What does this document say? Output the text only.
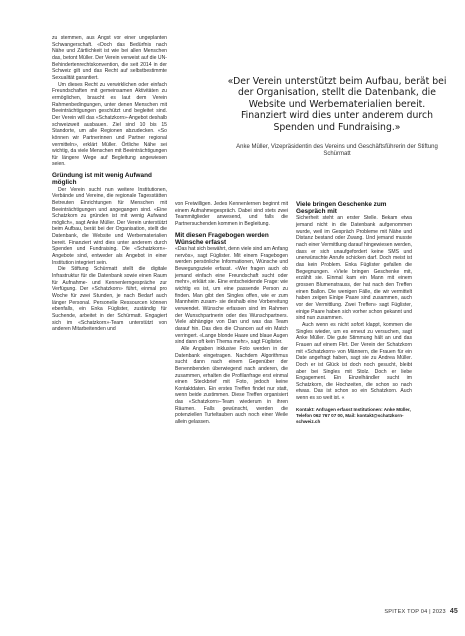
«Der Verein unterstützt beim Aufbau, berät bei der Organisation, stellt die Datenbank, die Website und Werbematerialien bereit. Finanziert wird dies unter anderem durch Spenden und Fundraising.»
Anke Müller, Vizepräsidentin des Vereins und Geschäftsführerin der Stiftung Schürmatt

zu stemmen, aus Angst vor einer ungeplanten Schwangerschaft. «Doch das Bedürfnis nach Nähe und Zärtlichkeit ist wie bei allen Menschen das, betont Müller. Der Verein verweist auf die UN-Behindertenrechtskonvention, die seit 2014 in der Schweiz gilt und das Recht auf selbstbestimmte Sexualität garantiert.

Um dieses Recht zu verwirklichen oder einfach Freundschaften mit gemeinsamen Aktivitäten zu ermöglichen, braucht es laut dem Verein Rahmenbedingungen, unter denen Menschen mit Beeinträchtigungen geschützt und begleitet sind. Der Verein will das «Schatzkorn»-Angebot deshalb schweizweit ausbauen. Ziel sind 10 bis 15 Standorte, um alle Regionen abzudecken. «So können wir Partnerinnen und Partner regional vermitteln», erklärt Müller. Örtliche Nähe sei wichtig, da viele Menschen mit Beeinträchtigungen für längere Wege auf Begleitung angewiesen seien.

Gründung ist mit wenig Aufwand möglich

Der Verein sucht nun weitere Institutionen, Verbände und Vereine, die regionale Tagesstätten Betreuten Einrichtungen für Menschen mit Beeinträchtigungen und angegangen sind. «Eine Schatzkorn zu gründen ist mit wenig Aufwand möglich», sagt Anke Müller. Der Verein unterstützt beim Aufbau, berät bei der Organisation, stellt die Datenbank, die Website und Werbematerialien bereit. Finanziert wird dies unter anderem durch Spenden und Fundraising. Die «Schatzkorn»-Angebote sind, entweder als Angebot in einer Institution integriert sein.

Die Stiftung Schürmatt stellt die digitale Infrastruktur für die Datenbank sowie einen Raum für Aufnahme- und Kennenlerngespräche zur Verfügung. Der «Schatzkorn» führt, einmal pro Woche für zwei Stunden, je nach Bedarf auch länger Personal. Personelle Ressourcen können ebenfalls, ein Enka Füglister, zuständig für Suchende, arbeitet in der Schürmatt. Engagiert sich im «Schatzkorn»-Team unterstützt von anderen Mitarbeitenden und

von Freiwilligen. Jedes Kennenlernen beginnt mit einem Aufnahmegespräch. Dabei sind stets zwei Teammitglieder anwesend, und falls die Partnersuchenden kommen in Begleitung.

Mit diesen Fragebogen werden Wünsche erfasst

«Das hat sich bewährt, denn viele sind am Anfang nervös», sagt Füglister. Mit einem Fragebogen werden persönliche Informationen, Wünsche und Bewegungsziele erfasst. «Wer fragen auch ob jemand einfach eine Freundschaft sucht oder mehr», erklärt sie. Eine entscheidende Frage: wie wichtig es ist, um eine passende Person zu finden. Man gibt den Singles offen, wie er zum Mannheim zusam- sie deshalb eine Vorbereitung verwendet. Wünsche erfassen sind im Rahmen der Wunschpartnerin oder des Wunschpartners. Viele abhängige von Dan und was das Team darauf hin. Das dies die Chancen auf ein Match verringert. «Lange blonde Haare und blaue Augen sind dann oft kein Thema mehr», sagt Füglister.

Alle Angaben inklusive Foto werden in der Datenbank eingetragen. Nachdem Algorithmus sucht dann nach einem Gegenüber der Benennbenden überwiegend nach anderen, die zusammen, erhalten die Profilanfrage erst einmal einen Steckbrief mit Foto, jedoch keine Kontaktdaten. Ein erstes Treffen findet nur statt, wenn beide zustimmen. Diese Treffen organisiert das «Schatzkorn»-Team wiederum in ihren Räumen. Falls gewünscht, werden die potenziellen Turteltauben auch noch einer Weile allein gelassen.

Viele bringen Geschenke zum Gespräch mit

Sicherheit steht an erster Stelle. Bekam etwa jemand nicht in die Datenbank aufgenommen wurde, weil im Gespräch Probleme mit Nähe und Distanz bestand oder Zwang. Und jemand musste nach einer Vermittlung darauf hingewiesen werden, dass er sich unaufgefordert keine SMS und unerwünschte Anrufe schicken darf. Doch meist ist das kein Problem. Enka Füglister gefallen die Begegnungen. «Viele bringen Geschenke mit, erzählt sie. Einmal kam ein Mann mit einem grossen Blumenstrauss, der hat nach den Treffen einen Ballon. Die wenigen Fälle, die wir vermittelt haben zeigen Einige Paare sind zusammen, auch vor der Vermittlung. Zwei Treffen» sagt Füglister, einige Paare haben sich vorher schon gekannt und sind nun zusammen.

Auch wenn es nicht sofort klappt, kommen die Singles wieder, um es erneut zu versuchen, sagt Anke Müller. Die gute Stimmung hält an und das Frauen auf einem Flirt. Der Verein der Schatzkorn mit «Schatzkorn» von Männern, die Frauen für ein Date angefragt haben, sagt sie zu Andrea Müller. Doch er ist Glück ist doch noch gesucht, bleibt aber bei Singles mit Stolz. Doch er liebe Engagement. Ein Einzelhändler sucht im Schatzkorn, die Hochzeiten, die schon so nach etwas. Das ist schon so ein Schatzkorn. Auch wenn es so weit ist. «

Kontakt: Anfragen erfasst Institutionen: Anke Müller, Telefon 062 767 07 00, Mail: kontakt@schatzkorn-schweiz.ch
SPITEX TOP 04 | 2023 45
